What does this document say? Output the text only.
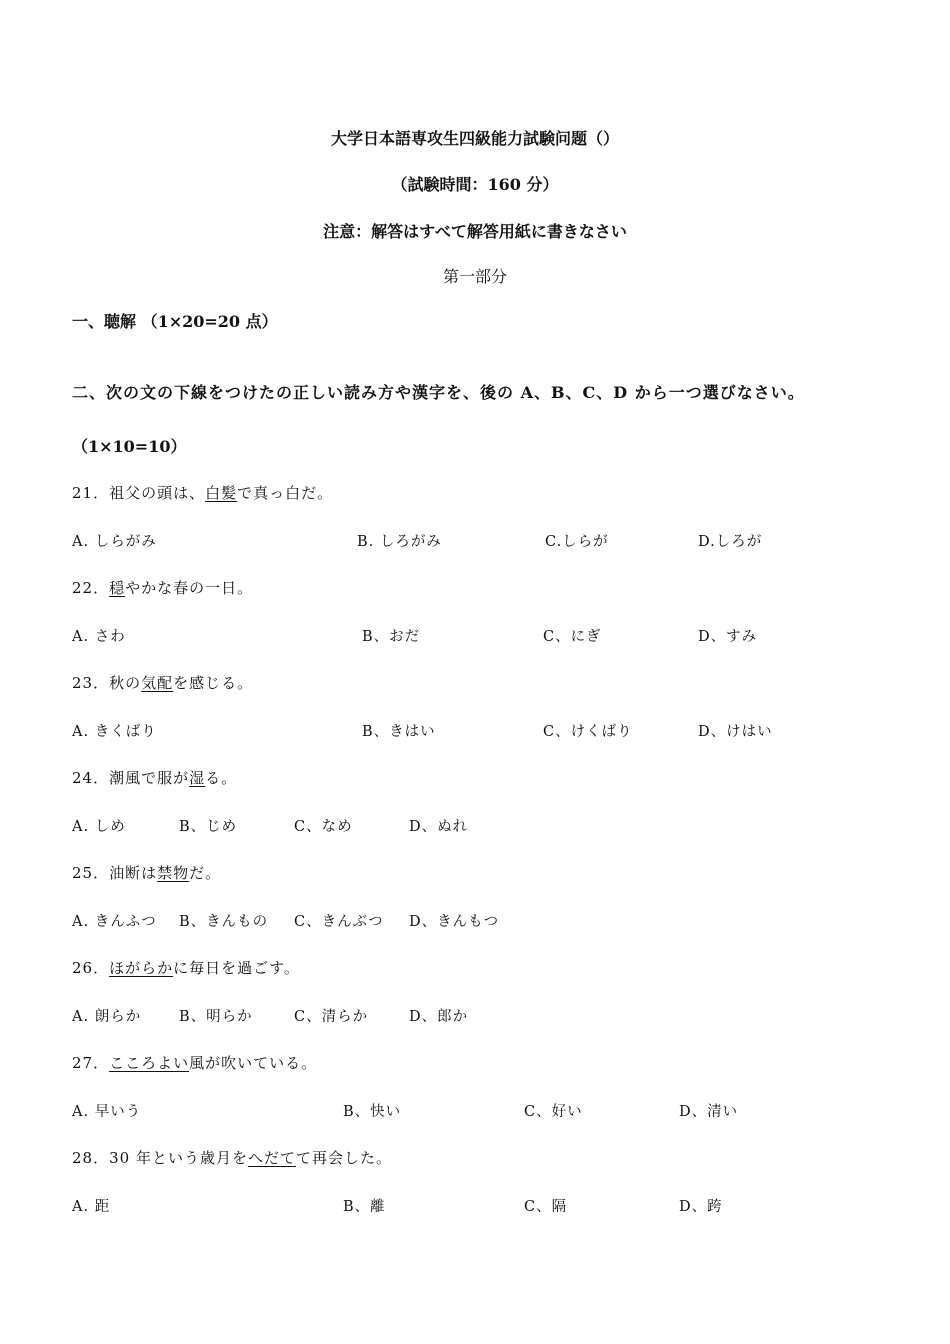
大学日本語専攻生四級能力試験问题（）
（試験時間：160 分）
注意：解答はすべて解答用紙に書きなさい
第一部分
一、聴解 （1×20=20 点）
二、次の文の下線をつけたの正しい読み方や漢字を、後の A、B、C、D から一つ選びなさい。
（1×10=10）
21．祖父の頭は、白髪で真っ白だ。
A. しらがみ	B. しろがみ	C.しらが	D.しろが
22．穏やかな春の一日。
A. さわ	B、おだ	C、にぎ	D、すみ
23．秋の気配を感じる。
A. きくばり	B、きはい	C、けくばり	D、けはい
24．潮風で服が湿る。
A. しめ	B、じめ	C、なめ	D、ぬれ
25．油断は禁物だ。
A. きんふつ B、きんもの C、きんぶつ D、きんもつ
26．ほがらかに毎日を過ごす。
A. 朗らか	B、明らか	C、清らか	D、郎か
27．こころよい風が吹いている。
A. 早いう	B、快い	C、好い	D、清い
28．30 年という歳月をへだてて再会した。
A. 距	B、離	C、隔	D、跨
